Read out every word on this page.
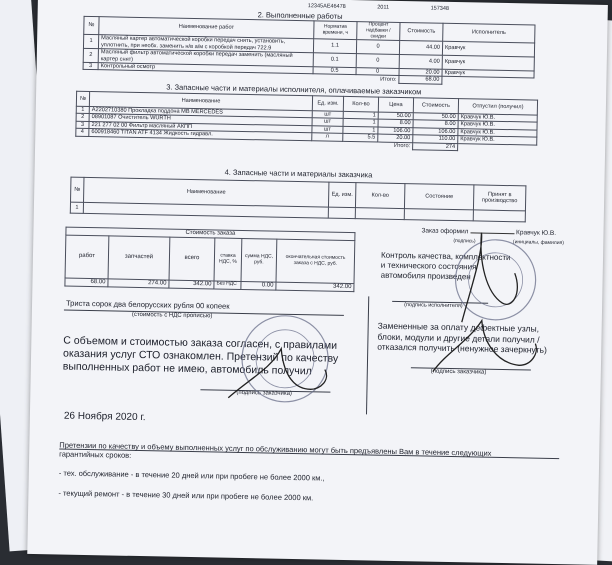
12345АЕ46478	2011	157348
2. Выполненные работы
№	Наименование работ	Норматив времени, ч	Процент надбавки / скидки	Стоимость	Исполнитель
1	Масляный картер автоматической коробки передач снять, установить, уплотнить, при необх. заменить н/в а/м с коробкой передач 722.9	1.1	0	44.00	Кравчук
2	Масляный фильтр автоматической коробки передач заменить (масляный картер снят)	0.1	0	4.00	Кравчук
3	Контрольный осмотр	0.5	0	20.00	Кравчук
		Итого:		68.00	
3. Запасные части и материалы исполнителя, оплачиваемые заказчиком
№	Наименование	Ед. изм.	Кол-во	Цена	Стоимость	Отпустил (получил)
1	A2202710380 Прокладка поддона MB MERCEDES	шт	1	50.00	50.00	Кравчук Ю.В.
2	08901087 Очиститель WURTH	шт	1	8.00	8.00	Кравчук Ю.В.
3	221 277 02 00 Фильтр масляный АКПП	шт	1	106.00	106.00	Кравчук Ю.В.
4	600918460 TITAN ATF 4134 Жидкость гидравл.	л	5.5	20.00	110.00	Кравчук Ю.В.
				Итого:	274	
4. Запасные части и материалы заказчика
№	Наименование	Ед. изм.	Кол-во	Состояние	Принят в производство
1					
Стоимость заказа					
работ	запчастей	всего	ставка НДС, %	сумма НДС, руб.	окончательная стоимость заказа с НДС, руб.
68.00	274.00	342.00	Без НДС	0.00	342.00
Заказ оформил	Кравчук Ю.В.
(подпись)	(инициалы, фамилия)
Контроль качества, комплектности и технического состояния автомобиля произведен
(подпись исполнителя)
Триста сорок два белорусских рубля 00 копеек
(стоимость с НДС прописью)
С объемом и стоимостью заказа согласен, с правилами оказания услуг СТО ознакомлен. Претензий по качеству выполненных работ не имею, автомобиль получил
(подпись заказчика)
Замененные за оплату дефектные узлы, блоки, модули и другие детали получил / отказался получить (ненужное зачеркнуть)
(подпись заказчика)
26 Ноября 2020 г.
Претензии по качеству и объему выполненных услуг по обслуживанию могут быть предъявлены Вам в течение следующих гарантийных сроков:
- тех. обслуживание - в течение 20 дней или при пробеге не более 2000 км.,
- текущий ремонт - в течение 30 дней или при пробеге не более 2000 км.
